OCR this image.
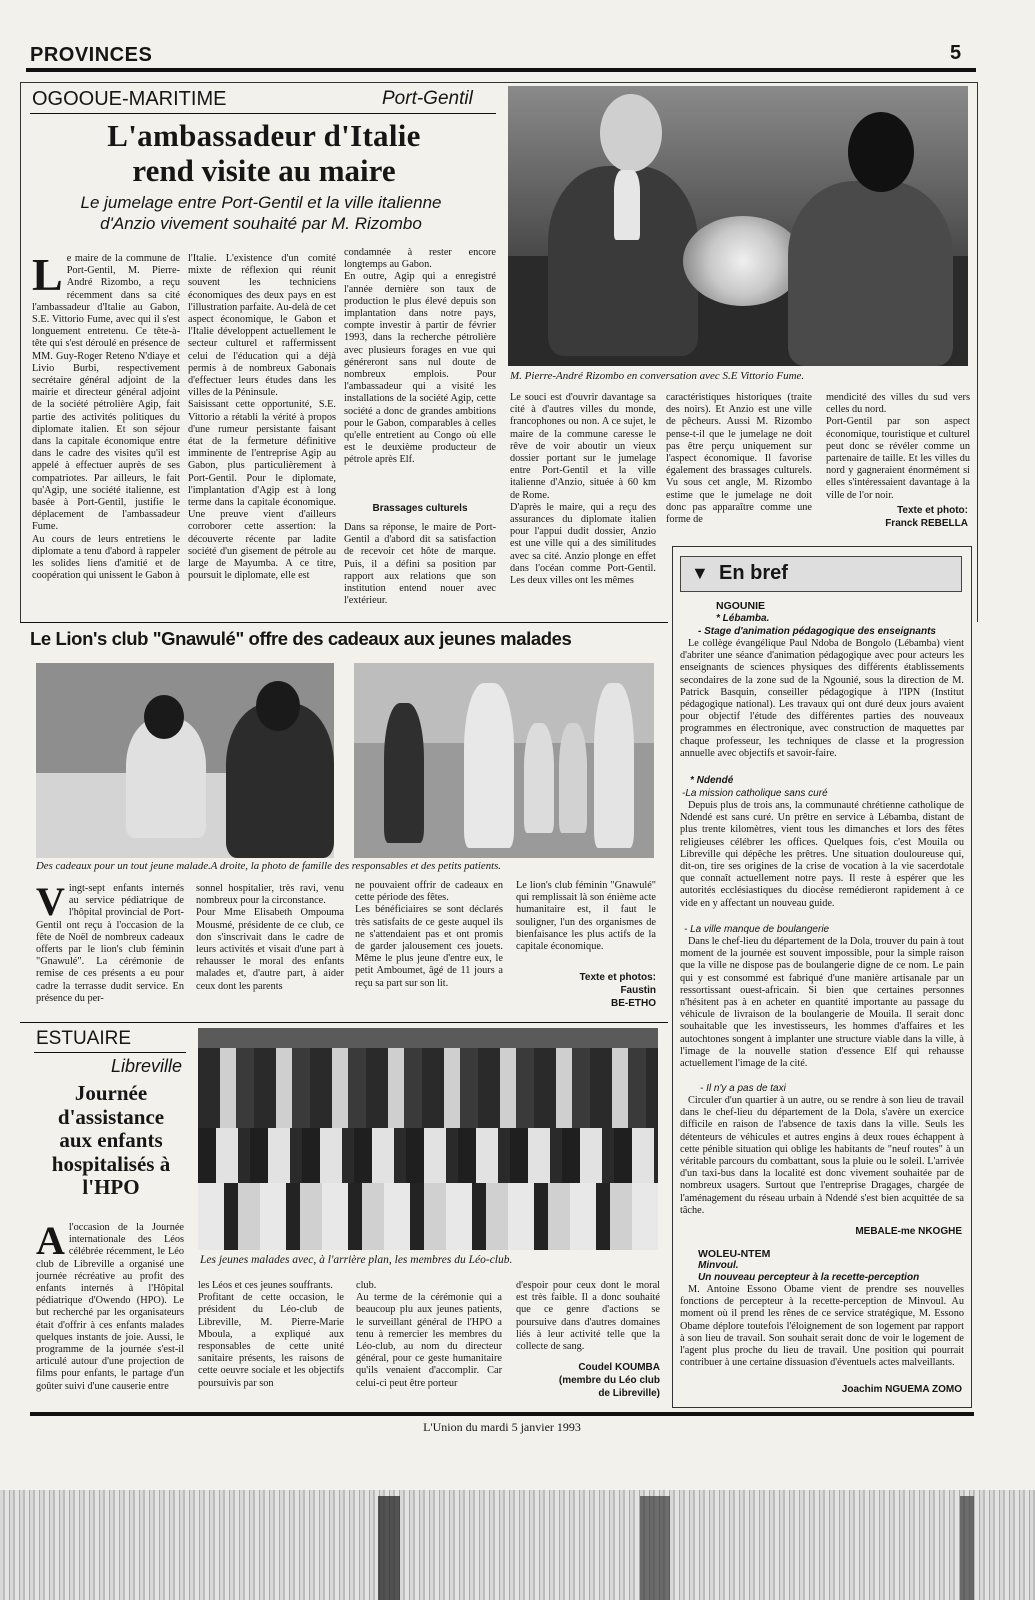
PROVINCES	5
OGOOUE-MARITIME	Port-Gentil
L'ambassadeur d'Italie
rend visite au maire
Le jumelage entre Port-Gentil et la ville italienne
d'Anzio vivement souhaité par M. Rizombo
Le maire de la commune de Port-Gentil, M. Pierre-André Rizombo, a reçu récemment dans sa cité l'ambassadeur d'Italie au Gabon, S.E. Vittorio Fume, avec qui il s'est longuement entretenu. Ce tête-à-tête qui s'est déroulé en présence de MM. Guy-Roger Reteno N'diaye et Livio Burbi, respectivement secrétaire général adjoint de la mairie et directeur général adjoint de la société pétrolière Agip, fait partie des activités politiques du diplomate italien. Et son séjour dans la capitale économique entre dans le cadre des visites qu'il est appelé à effectuer auprès de ses compatriotes. Par ailleurs, le fait qu'Agip, une société italienne, est basée à Port-Gentil, justifie le déplacement de l'ambassadeur Fume.
Au cours de leurs entretiens le diplomate a tenu d'abord à rappeler les solides liens d'amitié et de coopération qui unissent le Gabon à
l'Italie. L'existence d'un comité mixte de réflexion qui réunit souvent les techniciens économiques des deux pays en est l'illustration parfaite. Au-delà de cet aspect économique, le Gabon et l'Italie développent actuellement le secteur culturel et raffermissent celui de l'éducation qui a déjà permis à de nombreux Gabonais d'effectuer leurs études dans les villes de la Péninsule.
Saisissant cette opportunité, S.E. Vittorio a rétabli la vérité à propos d'une rumeur persistante faisant état de la fermeture définitive imminente de l'entreprise Agip au Gabon, plus particulièrement à Port-Gentil. Pour le diplomate, l'implantation d'Agip est à long terme dans la capitale économique. Une preuve vient d'ailleurs corroborer cette assertion: la découverte récente par ladite société d'un gisement de pétrole au large de Mayumba. A ce titre, poursuit le diplomate, elle est
condamnée à rester encore longtemps au Gabon.
En outre, Agip qui a enregistré l'année dernière son taux de production le plus élevé depuis son implantation dans notre pays, compte investir à partir de février 1993, dans la recherche pétrolière avec plusieurs forages en vue qui généreront sans nul doute de nombreux emplois. Pour l'ambassadeur qui a visité les installations de la société Agip, cette société a donc de grandes ambitions pour le Gabon, comparables à celles qu'elle entretient au Congo où elle est le deuxième producteur de pétrole après Elf.
Brassages culturels
Dans sa réponse, le maire de Port-Gentil a d'abord dit sa satisfaction de recevoir cet hôte de marque. Puis, il a défini sa position par rapport aux relations que son institution entend nouer avec l'extérieur.
M. Pierre-André Rizombo en conversation avec S.E Vittorio Fume.
Le souci est d'ouvrir davantage sa cité à d'autres villes du monde, francophones ou non. A ce sujet, le maire de la commune caresse le rêve de voir aboutir un vieux dossier portant sur le jumelage entre Port-Gentil et la ville italienne d'Anzio, située à 60 km de Rome.
D'après le maire, qui a reçu des assurances du diplomate italien pour l'appui dudit dossier, Anzio est une ville qui a des similitudes avec sa cité. Anzio plonge en effet dans l'océan comme Port-Gentil. Les deux villes ont les mêmes
caractéristiques historiques (traite des noirs). Et Anzio est une ville de pêcheurs. Aussi M. Rizombo pense-t-il que le jumelage ne doit pas être perçu uniquement sur l'aspect économique. Il favorise également des brassages culturels. Vu sous cet angle, M. Rizombo estime que le jumelage ne doit donc pas apparaître comme une forme de
mendicité des villes du sud vers celles du nord.
Port-Gentil par son aspect économique, touristique et culturel peut donc se révéler comme un partenaire de taille. Et les villes du nord y gagneraient énormément si elles s'intéressaient davantage à la ville de l'or noir.
Texte et photo:
Franck REBELLA
Le Lion's club "Gnawulé" offre des cadeaux aux jeunes malades
Des cadeaux pour un tout jeune malade.A droite, la photo de famille des responsables et des petits patients.
Vingt-sept enfants internés au service pédiatrique de l'hôpital provincial de Port-Gentil ont reçu à l'occasion de la fête de Noël de nombreux cadeaux offerts par le lion's club féminin "Gnawulé". La cérémonie de remise de ces présents a eu pour cadre la terrasse dudit service. En présence du per-
sonnel hospitalier, très ravi, venu nombreux pour la circonstance.
Pour Mme Elisabeth Ompouma Mousmé, présidente de ce club, ce don s'inscrivait dans le cadre de leurs activités et visait d'une part à rehausser le moral des enfants malades et, d'autre part, à aider ceux dont les parents
ne pouvaient offrir de cadeaux en cette période des fêtes.
Les bénéficiaires se sont déclarés très satisfaits de ce geste auquel ils ne s'attendaient pas et ont promis de garder jalousement ces jouets. Même le plus jeune d'entre eux, le petit Amboumet, âgé de 11 jours a reçu sa part sur son lit.
Le lion's club féminin "Gnawulé" qui remplissait là son énième acte humanitaire est, il faut le souligner, l'un des organismes de bienfaisance les plus actifs de la capitale économique.
Texte et photos:
Faustin
BE-ETHO
ESTUAIRE
Libreville
Journée
d'assistance
aux enfants
hospitalisés à
l'HPO
Les jeunes malades avec, à l'arrière plan, les membres du Léo-club.
Al'occasion de la Journée internationale des Léos célébrée récemment, le Léo club de Libreville a organisé une journée récréative au profit des enfants internés à l'Hôpital pédiatrique d'Owendo (HPO). Le but recherché par les organisateurs était d'offrir à ces enfants malades quelques instants de joie. Aussi, le programme de la journée s'est-il articulé autour d'une projection de films pour enfants, le partage d'un goûter suivi d'une causerie entre
les Léos et ces jeunes souffrants.
Profitant de cette occasion, le président du Léo-club de Libreville, M. Pierre-Marie Mboula, a expliqué aux responsables de cette unité sanitaire présents, les raisons de cette oeuvre sociale et les objectifs poursuivis par son
club.
Au terme de la cérémonie qui a beaucoup plu aux jeunes patients, le surveillant général de l'HPO a tenu à remercier les membres du Léo-club, au nom du directeur général, pour ce geste humanitaire qu'ils venaient d'accomplir. Car celui-ci peut être porteur
d'espoir pour ceux dont le moral est très faible. Il a donc souhaité que ce genre d'actions se poursuive dans d'autres domaines liés à leur activité telle que la collecte de sang.
Coudel KOUMBA
(membre du Léo club
de Libreville)
▼ En bref
NGOUNIE
* Lébamba.
- Stage d'animation pédagogique des enseignants
Le collège évangélique Paul Ndoba de Bongolo (Lébamba) vient d'abriter une séance d'animation pédagogique avec pour acteurs les enseignants de sciences physiques des différents établissements secondaires de la zone sud de la Ngounié, sous la direction de M. Patrick Basquin, conseiller pédagogique à l'IPN (Institut pédagogique national). Les travaux qui ont duré deux jours avaient pour objectif l'étude des différentes parties des nouveaux programmes en électronique, avec construction de maquettes par chaque professeur, les techniques de classe et la progression annuelle avec objectifs et savoir-faire.
* Ndendé
-La mission catholique sans curé
Depuis plus de trois ans, la communauté chrétienne catholique de Ndendé est sans curé. Un prêtre en service à Lébamba, distant de plus trente kilomètres, vient tous les dimanches et lors des fêtes religieuses célébrer les offices. Quelques fois, c'est Mouila ou Libreville qui dépêche les prêtres. Une situation douloureuse qui, dit-on, tire ses origines de la crise de vocation à la vie sacerdotale que connaît actuellement notre pays. Il reste à espérer que les autorités ecclésiastiques du diocèse remédieront rapidement à ce vide en y affectant un nouveau guide.
- La ville manque de boulangerie
Dans le chef-lieu du département de la Dola, trouver du pain à tout moment de la journée est souvent impossible, pour la simple raison que la ville ne dispose pas de boulangerie digne de ce nom. Le pain qui y est consommé est fabriqué d'une manière artisanale par un ressortissant ouest-africain. Si bien que certaines personnes n'hésitent pas à en acheter en quantité importante au passage du véhicule de livraison de la boulangerie de Mouila. Il serait donc souhaitable que les investisseurs, les hommes d'affaires et les autochtones songent à implanter une structure viable dans la ville, à l'image de la nouvelle station d'essence Elf qui rehausse actuellement l'image de la cité.
- Il n'y a pas de taxi
Circuler d'un quartier à un autre, ou se rendre à son lieu de travail dans le chef-lieu du département de la Dola, s'avère un exercice difficile en raison de l'absence de taxis dans la ville. Seuls les détenteurs de véhicules et autres engins à deux roues échappent à cette pénible situation qui oblige les habitants de "neuf routes" à un véritable parcours du combattant, sous la pluie ou le soleil. L'arrivée d'un taxi-bus dans la localité est donc vivement souhaitée par de nombreux usagers. Surtout que l'entreprise Dragages, chargée de l'aménagement du réseau urbain à Ndendé s'est bien acquittée de sa tâche.
MEBALE-me NKOGHE
WOLEU-NTEM
Minvoul.
Un nouveau percepteur à la recette-perception
M. Antoine Essono Obame vient de prendre ses nouvelles fonctions de percepteur à la recette-perception de Minvoul. Au moment où il prend les rênes de ce service stratégique, M. Essono Obame déplore toutefois l'éloignement de son logement par rapport à son lieu de travail. Son souhait serait donc de voir le logement de l'agent plus proche du lieu de travail. Une position qui pourrait contribuer à une certaine dissuasion d'éventuels actes malveillants.
Joachim NGUEMA ZOMO
L'Union du mardi 5 janvier 1993
